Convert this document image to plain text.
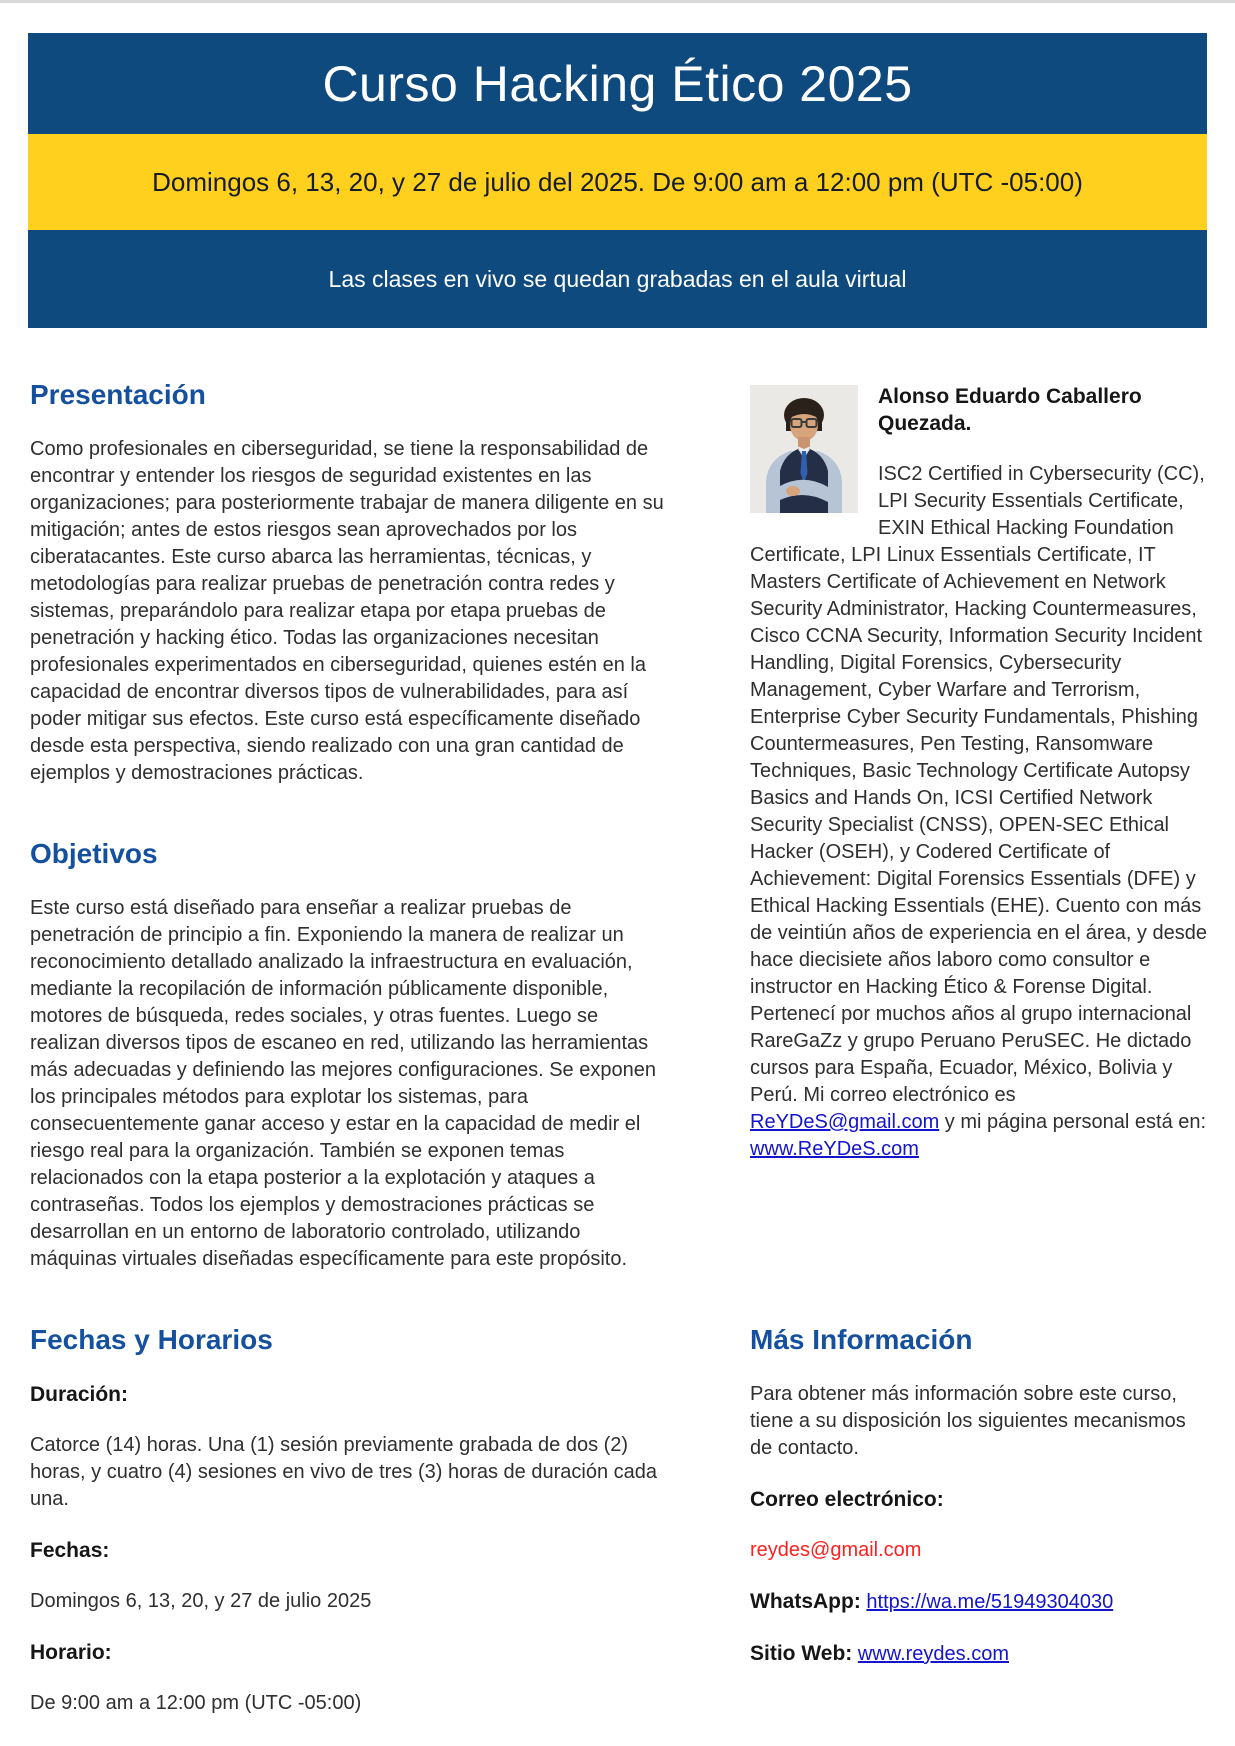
Curso Hacking Ético 2025
Domingos 6, 13, 20, y 27 de julio del 2025. De 9:00 am a 12:00 pm (UTC -05:00)
Las clases en vivo se quedan grabadas en el aula virtual
Presentación

Como profesionales en ciberseguridad, se tiene la responsabilidad de encontrar y entender los riesgos de seguridad existentes en las organizaciones; para posteriormente trabajar de manera diligente en su mitigación; antes de estos riesgos sean aprovechados por los ciberatacantes. Este curso abarca las herramientas, técnicas, y metodologías para realizar pruebas de penetración contra redes y sistemas, preparándolo para realizar etapa por etapa pruebas de penetración y hacking ético. Todas las organizaciones necesitan profesionales experimentados en ciberseguridad, quienes estén en la capacidad de encontrar diversos tipos de vulnerabilidades, para así poder mitigar sus efectos. Este curso está específicamente diseñado desde esta perspectiva, siendo realizado con una gran cantidad de ejemplos y demostraciones prácticas.

Objetivos

Este curso está diseñado para enseñar a realizar pruebas de penetración de principio a fin. Exponiendo la manera de realizar un reconocimiento detallado analizado la infraestructura en evaluación, mediante la recopilación de información públicamente disponible, motores de búsqueda, redes sociales, y otras fuentes. Luego se realizan diversos tipos de escaneo en red, utilizando las herramientas más adecuadas y definiendo las mejores configuraciones. Se exponen los principales métodos para explotar los sistemas, para consecuentemente ganar acceso y estar en la capacidad de medir el riesgo real para la organización. También se exponen temas relacionados con la etapa posterior a la explotación y ataques a contraseñas. Todos los ejemplos y demostraciones prácticas se desarrollan en un entorno de laboratorio controlado, utilizando máquinas virtuales diseñadas específicamente para este propósito.

Alonso Eduardo Caballero Quezada.

ISC2 Certified in Cybersecurity (CC), LPI Security Essentials Certificate, EXIN Ethical Hacking Foundation Certificate, LPI Linux Essentials Certificate, IT Masters Certificate of Achievement en Network Security Administrator, Hacking Countermeasures, Cisco CCNA Security, Information Security Incident Handling, Digital Forensics, Cybersecurity Management, Cyber Warfare and Terrorism, Enterprise Cyber Security Fundamentals, Phishing Countermeasures, Pen Testing, Ransomware Techniques, Basic Technology Certificate Autopsy Basics and Hands On, ICSI Certified Network Security Specialist (CNSS), OPEN-SEC Ethical Hacker (OSEH), y Codered Certificate of Achievement: Digital Forensics Essentials (DFE) y Ethical Hacking Essentials (EHE). Cuento con más de veintiún años de experiencia en el área, y desde hace diecisiete años laboro como consultor e instructor en Hacking Ético & Forense Digital. Pertenecí por muchos años al grupo internacional RareGaZz y grupo Peruano PeruSEC. He dictado cursos para España, Ecuador, México, Bolivia y Perú. Mi correo electrónico es ReYDeS@gmail.com y mi página personal está en:
www.ReYDeS.com

Fechas y Horarios

Duración:

Catorce (14) horas. Una (1) sesión previamente grabada de dos (2) horas, y cuatro (4) sesiones en vivo de tres (3) horas de duración cada una.

Fechas:

Domingos 6, 13, 20, y 27 de julio 2025

Horario:

De 9:00 am a 12:00 pm (UTC -05:00)

Más Información

Para obtener más información sobre este curso, tiene a su disposición los siguientes mecanismos de contacto.

Correo electrónico:

reydes@gmail.com

WhatsApp: https://wa.me/51949304030

Sitio Web: www.reydes.com
